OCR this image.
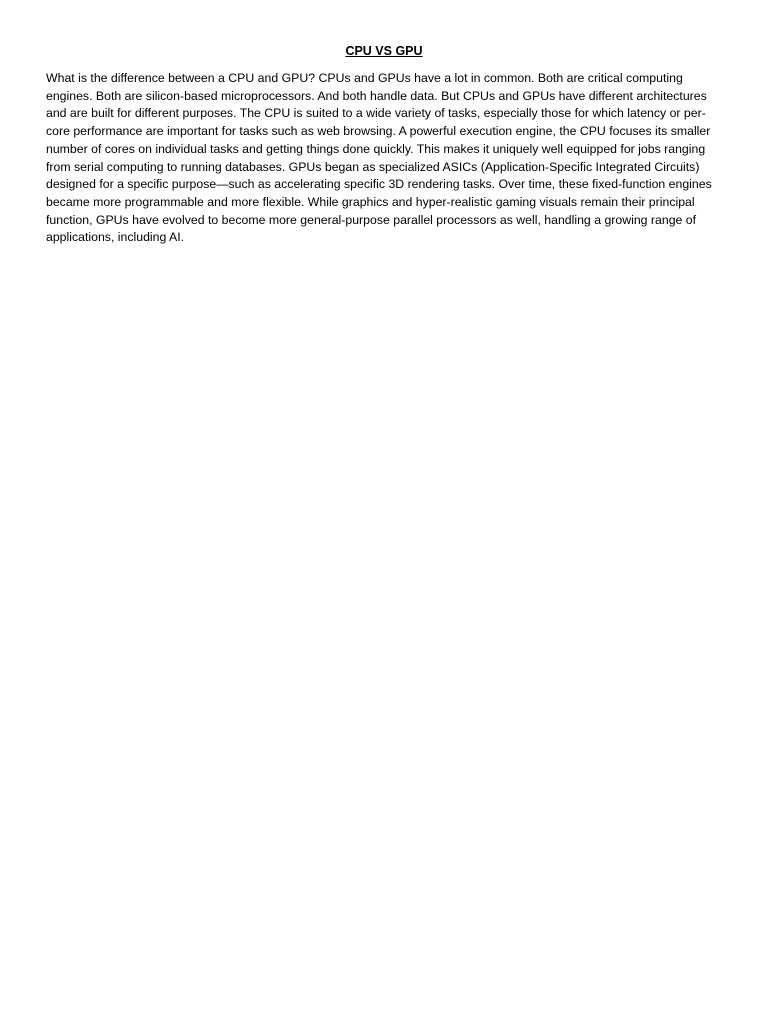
CPU VS GPU

What is the difference between a CPU and GPU? CPUs and GPUs have a lot in common. Both are critical computing engines. Both are silicon-based microprocessors. And both handle data. But CPUs and GPUs have different architectures and are built for different purposes. The CPU is suited to a wide variety of tasks, especially those for which latency or per-core performance are important for tasks such as web browsing. A powerful execution engine, the CPU focuses its smaller number of cores on individual tasks and getting things done quickly. This makes it uniquely well equipped for jobs ranging from serial computing to running databases. GPUs began as specialized ASICs (Application-Specific Integrated Circuits) designed for a specific purpose—such as accelerating specific 3D rendering tasks. Over time, these fixed-function engines became more programmable and more flexible. While graphics and hyper-realistic gaming visuals remain their principal function, GPUs have evolved to become more general-purpose parallel processors as well, handling a growing range of applications, including AI.
